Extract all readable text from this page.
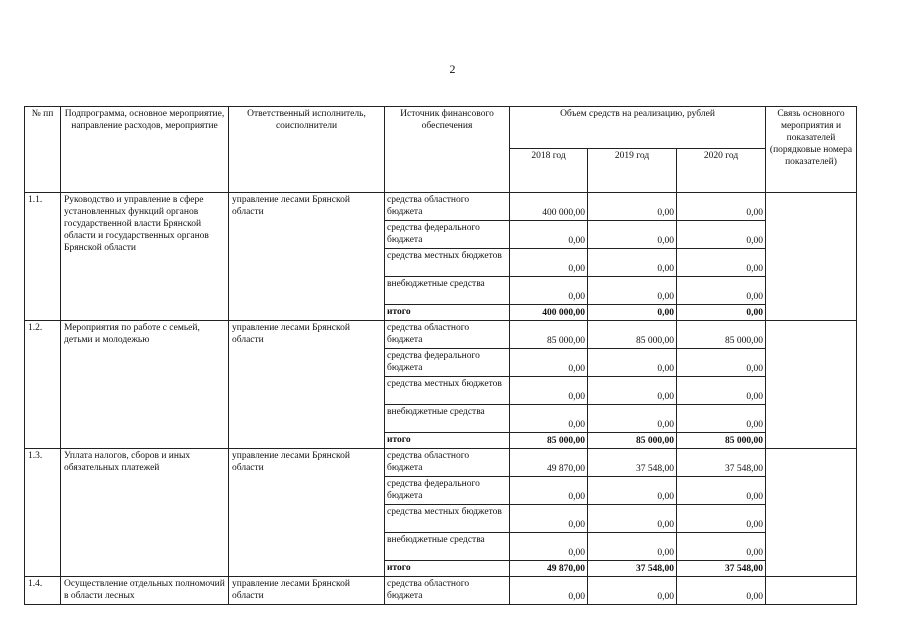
2
№ пп	Подпрограмма, основное мероприятие, направление расходов, мероприятие	Ответственный исполнитель, соисполнители	Источник финансового обеспечения	Объем средств на реализацию, рублей			Связь основного мероприятия и показателей (порядковые номера показателей)
				2018 год	2019 год	2020 год	
1.1.	Руководство и управление в сфере установленных функций органов государственной власти Брянской области и государственных органов Брянской области	управление лесами Брянской области	средства областного бюджета	400 000,00	0,00	0,00	
			средства федерального бюджета	0,00	0,00	0,00	
			средства местных бюджетов	0,00	0,00	0,00	
			внебюджетные средства	0,00	0,00	0,00	
			итого	400 000,00	0,00	0,00	
1.2.	Мероприятия по работе с семьей, детьми и молодежью	управление лесами Брянской области	средства областного бюджета	85 000,00	85 000,00	85 000,00	
			средства федерального бюджета	0,00	0,00	0,00	
			средства местных бюджетов	0,00	0,00	0,00	
			внебюджетные средства	0,00	0,00	0,00	
			итого	85 000,00	85 000,00	85 000,00	
1.3.	Уплата налогов, сборов и иных обязательных платежей	управление лесами Брянской области	средства областного бюджета	49 870,00	37 548,00	37 548,00	
			средства федерального бюджета	0,00	0,00	0,00	
			средства местных бюджетов	0,00	0,00	0,00	
			внебюджетные средства	0,00	0,00	0,00	
			итого	49 870,00	37 548,00	37 548,00	
1.4.	Осуществление отдельных полномочий в области лесных	управление лесами Брянской области	средства областного бюджета	0,00	0,00	0,00	
